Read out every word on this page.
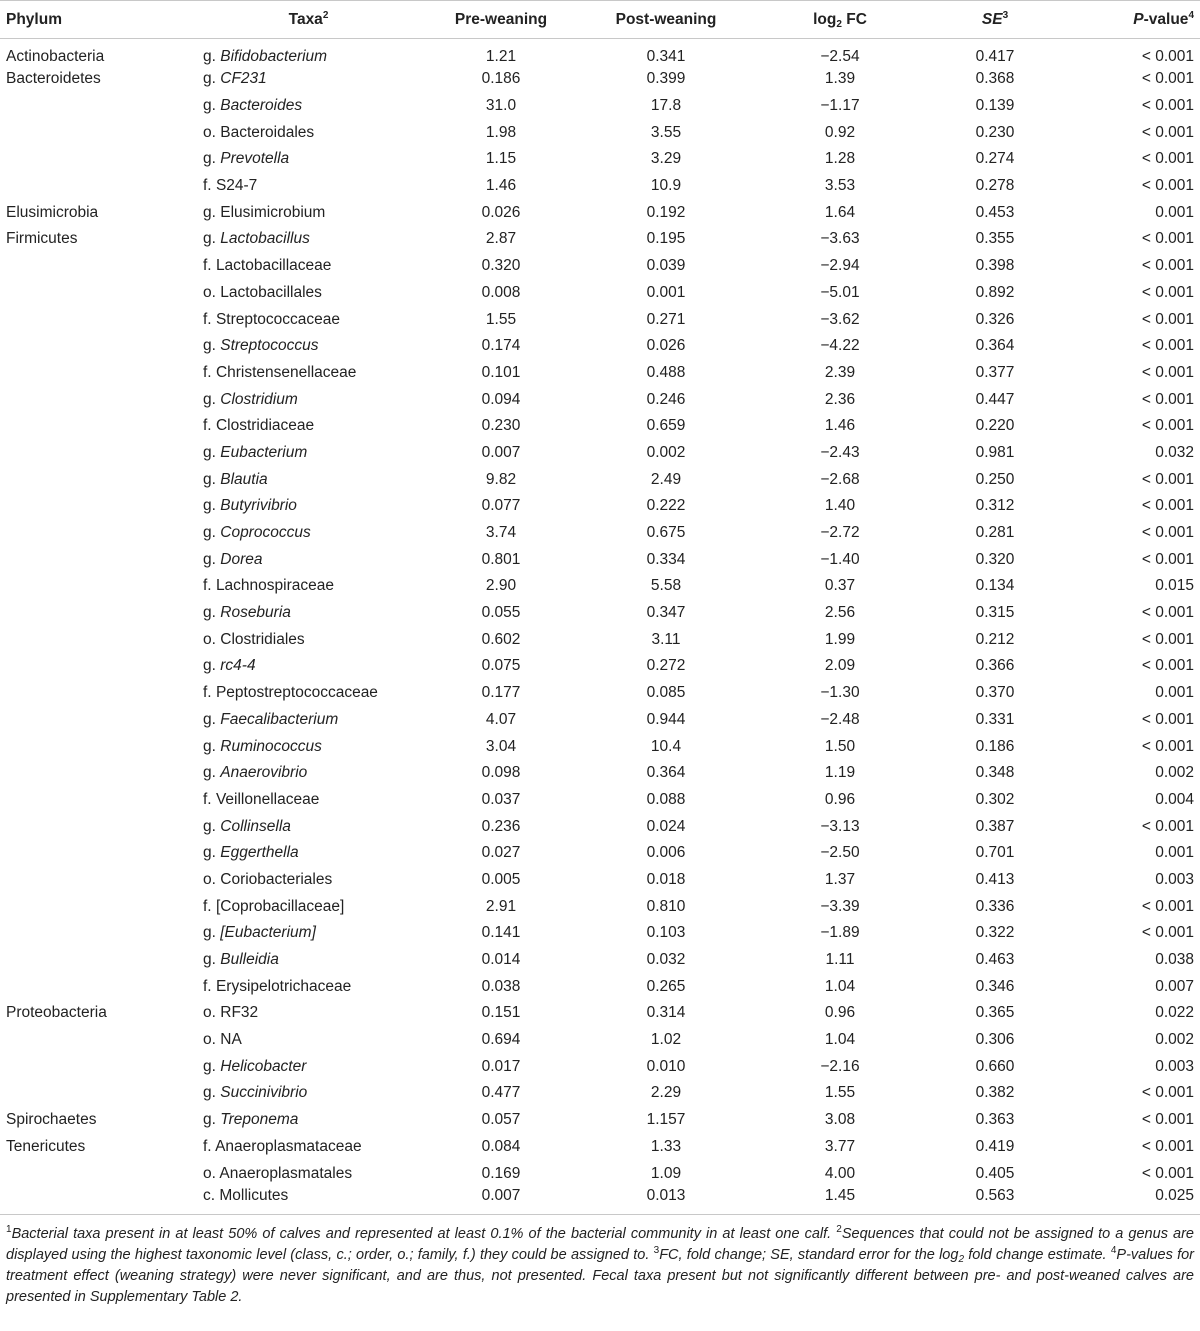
Phylum	Taxa$^2$	Pre-weaning	Post-weaning	$\log_2$ FC	$SE^3$	P-value$^4$
Actinobacteria	g. Bifidobacterium	1.21	0.341	−2.54	0.417	< 0.001
Bacteroidetes	g. CF231	0.186	0.399	1.39	0.368	< 0.001
	g. Bacteroides	31.0	17.8	−1.17	0.139	< 0.001
	o. Bacteroidales	1.98	3.55	0.92	0.230	< 0.001
	g. Prevotella	1.15	3.29	1.28	0.274	< 0.001
	f. S24-7	1.46	10.9	3.53	0.278	< 0.001
Elusimicrobia	g. Elusimicrobium	0.026	0.192	1.64	0.453	0.001
Firmicutes	g. Lactobacillus	2.87	0.195	−3.63	0.355	< 0.001
	f. Lactobacillaceae	0.320	0.039	−2.94	0.398	< 0.001
	o. Lactobacillales	0.008	0.001	−5.01	0.892	< 0.001
	f. Streptococcaceae	1.55	0.271	−3.62	0.326	< 0.001
	g. Streptococcus	0.174	0.026	−4.22	0.364	< 0.001
	f. Christensenellaceae	0.101	0.488	2.39	0.377	< 0.001
	g. Clostridium	0.094	0.246	2.36	0.447	< 0.001
	f. Clostridiaceae	0.230	0.659	1.46	0.220	< 0.001
	g. Eubacterium	0.007	0.002	−2.43	0.981	0.032
	g. Blautia	9.82	2.49	−2.68	0.250	< 0.001
	g. Butyrivibrio	0.077	0.222	1.40	0.312	< 0.001
	g. Coprococcus	3.74	0.675	−2.72	0.281	< 0.001
	g. Dorea	0.801	0.334	−1.40	0.320	< 0.001
	f. Lachnospiraceae	2.90	5.58	0.37	0.134	0.015
	g. Roseburia	0.055	0.347	2.56	0.315	< 0.001
	o. Clostridiales	0.602	3.11	1.99	0.212	< 0.001
	g. rc4-4	0.075	0.272	2.09	0.366	< 0.001
	f. Peptostreptococcaceae	0.177	0.085	−1.30	0.370	0.001
	g. Faecalibacterium	4.07	0.944	−2.48	0.331	< 0.001
	g. Ruminococcus	3.04	10.4	1.50	0.186	< 0.001
	g. Anaerovibrio	0.098	0.364	1.19	0.348	0.002
	f. Veillonellaceae	0.037	0.088	0.96	0.302	0.004
	g. Collinsella	0.236	0.024	−3.13	0.387	< 0.001
	g. Eggerthella	0.027	0.006	−2.50	0.701	0.001
	o. Coriobacteriales	0.005	0.018	1.37	0.413	0.003
	f. [Coprobacillaceae]	2.91	0.810	−3.39	0.336	< 0.001
	g. [Eubacterium]	0.141	0.103	−1.89	0.322	< 0.001
	g. Bulleidia	0.014	0.032	1.11	0.463	0.038
	f. Erysipelotrichaceae	0.038	0.265	1.04	0.346	0.007
Proteobacteria	o. RF32	0.151	0.314	0.96	0.365	0.022
	o. NA	0.694	1.02	1.04	0.306	0.002
	g. Helicobacter	0.017	0.010	−2.16	0.660	0.003
	g. Succinivibrio	0.477	2.29	1.55	0.382	< 0.001
Spirochaetes	g. Treponema	0.057	1.157	3.08	0.363	< 0.001
Tenericutes	f. Anaeroplasmataceae	0.084	1.33	3.77	0.419	< 0.001
	o. Anaeroplasmatales	0.169	1.09	4.00	0.405	< 0.001
	c. Mollicutes	0.007	0.013	1.45	0.563	0.025
$^1$Bacterial taxa present in at least 50% of calves and represented at least 0.1% of the bacterial community in at least one calf. $^2$Sequences that could not be assigned to a genus are displayed using the highest taxonomic level (class, c.; order, o.; family, f.) they could be assigned to. $^3$FC, fold change; SE, standard error for the $\log_2$ fold change estimate. $^4$P-values for treatment effect (weaning strategy) were never significant, and are thus, not presented. Fecal taxa present but not significantly different between pre- and post-weaned calves are presented in Supplementary Table 2.
